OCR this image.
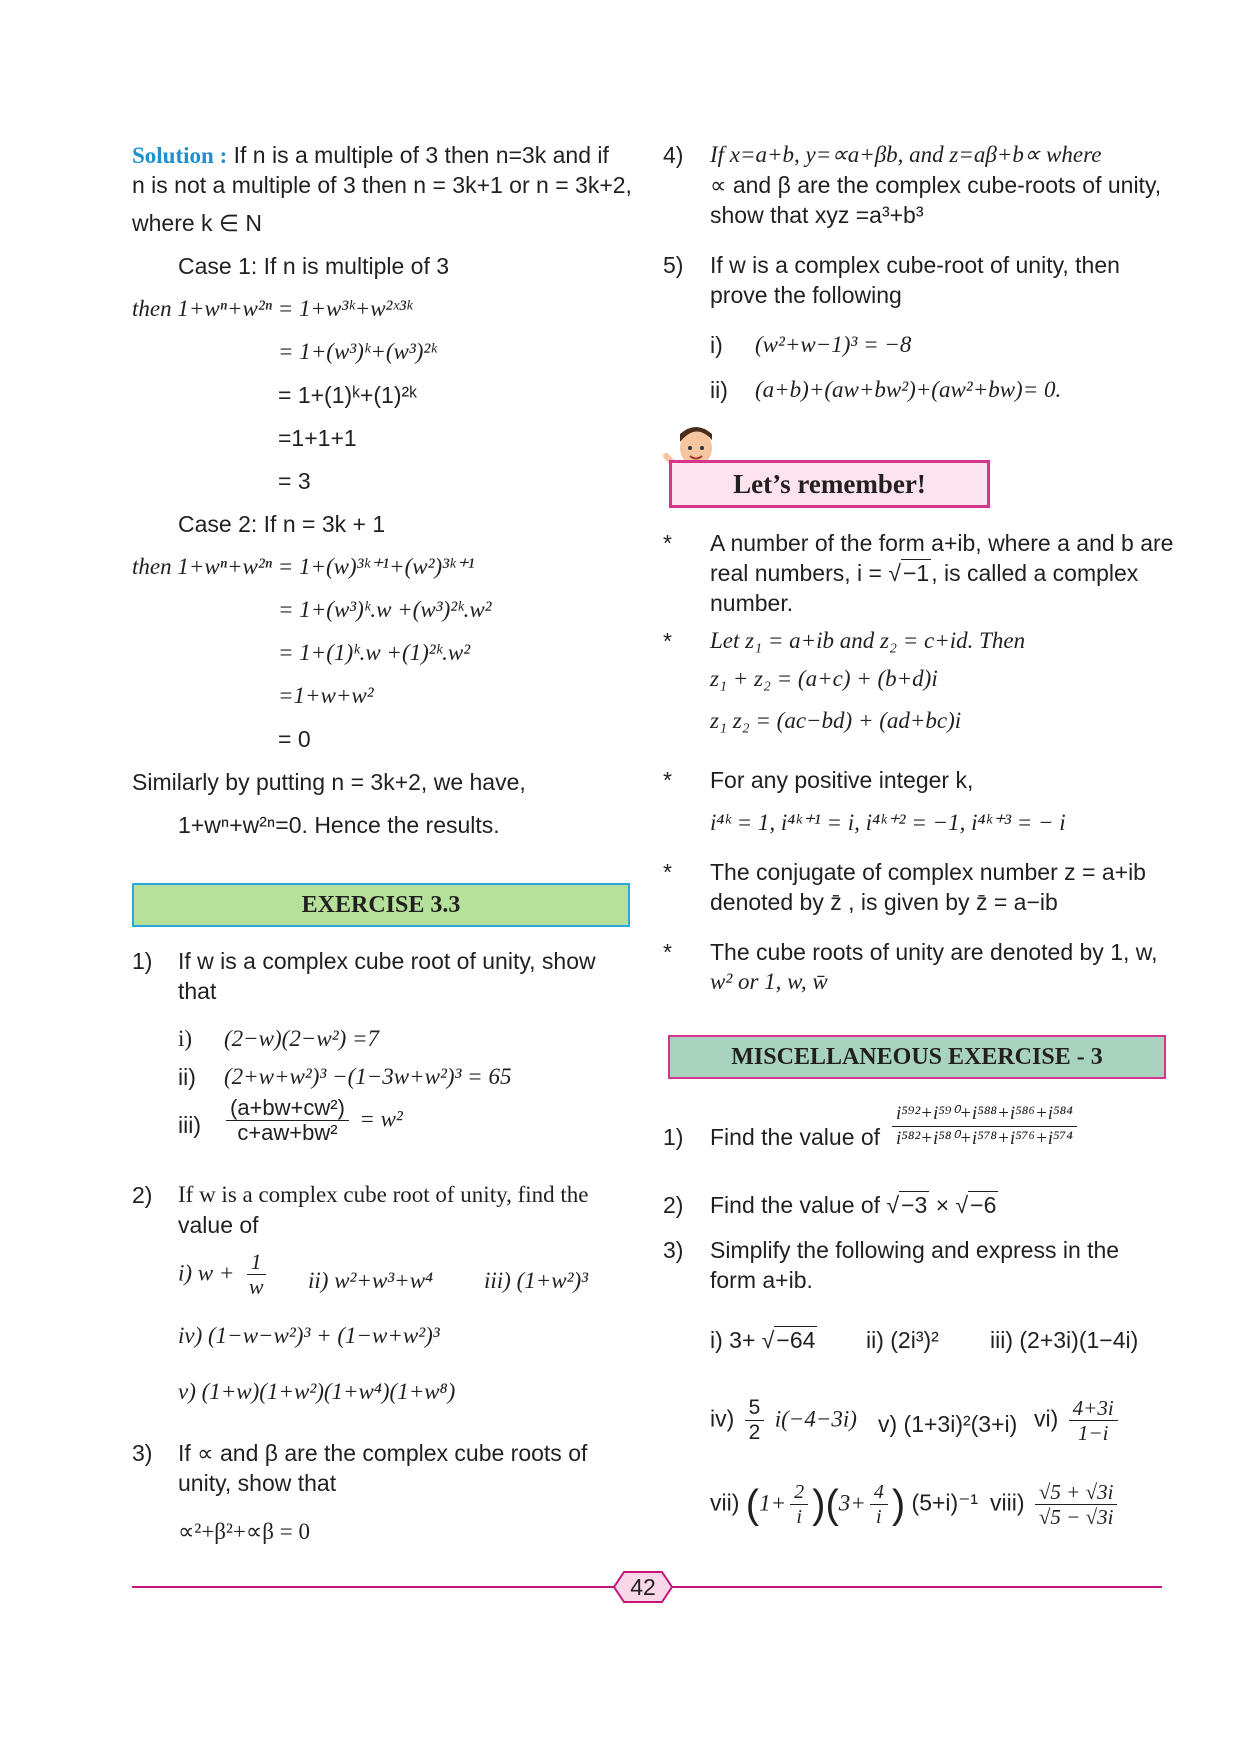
Solution : If n is a multiple of 3 then n=3k and if
n is not a multiple of 3 then n = 3k+1 or n = 3k+2,
where k ∈ N
Case 1: If n is multiple of 3
then 1+wⁿ+w²ⁿ = 1+w³ᵏ+w²ˣ³ᵏ
= 1+(w³)ᵏ+(w³)²ᵏ
= 1+(1)ᵏ+(1)²ᵏ
=1+1+1
= 3
Case 2: If n = 3k + 1
then 1+wⁿ+w²ⁿ = 1+(w)³ᵏ⁺¹+(w²)³ᵏ⁺¹
= 1+(w³)ᵏ.w +(w³)²ᵏ.w²
= 1+(1)ᵏ.w +(1)²ᵏ.w²
=1+w+w²
= 0
Similarly by putting n = 3k+2, we have,
1+wⁿ+w²ⁿ=0. Hence the results.
EXERCISE 3.3
1) If w is a complex cube root of unity, show
that
i) (2−w)(2−w²) =7
ii) (2+w+w²)³ −(1−3w+w²)³ = 65
$iii) \frac{\text{(a+bw+cw²)}}{\text{c+aw+bw²}} = w^2$
2) If w is a complex cube root of unity, find the
value of
i) $w + \frac{1}{w} ii$) w²+w³+w⁴ iii) (1+w²)³
iv) (1−w−w²)³ + (1−w+w²)³
v) (1+w)(1+w²)(1+w⁴)(1+w⁸)
3) If ∝ and β are the complex cube roots of
unity, show that
∝²+β²+∝β = 0
4) If x=a+b, y=∝a+βb, and z=aβ+b∝ where
∝ and β are the complex cube-roots of unity,
show that xyz =a³+b³
5) If w is a complex cube-root of unity, then
prove the following
i) (w²+w−1)³ = −8
ii) (a+b)+(aw+bw²)+(aw²+bw)= 0.
Let’s remember!
* A number of the form a+ib, where a and b are
real numbers, i = √−1, is called a complex
number.
* Let z₁ = a+ib and z₂ = c+id. Then
z₁ + z₂ = (a+c) + (b+d)i
z₁ z₂ = (ac−bd) + (ad+bc)i
* For any positive integer k,
i⁴ᵏ = 1, i⁴ᵏ⁺¹ = i, i⁴ᵏ⁺² = −1, i⁴ᵏ⁺³ = − i
* The conjugate of complex number z = a+ib
denoted by z̄ , is given by z̄ = a−ib
* The cube roots of unity are denoted by 1, w,
w² or 1, w, w̄
MISCELLANEOUS EXERCISE - 3
1) Find the value of $\frac{\text{i⁵⁹²+i⁵⁹⁰+i⁵⁸⁸+i⁵⁸⁶+i⁵⁸⁴}}{\text{i⁵⁸²+i⁵⁸⁰+i⁵⁷⁸+i⁵⁷⁶+i⁵⁷⁴}}$
2) Find the value of √−3 × √−6
3) Simplify the following and express in the
form a+ib.
i) 3+ √−64 ii) (2i³)² iii) (2+3i)(1−4i)
$iv) \frac{5}{2} i(-4-3i)$ v) (1+3i)²(3+i) $vi) \frac{4+3i}{1-i}$
vii) $(1+ \frac{2}{i} )(3+ \frac{4}{i}$ ) (5+i)⁻¹ viii) $\frac{√5 + √3i}{√5 - √3i}$
42
